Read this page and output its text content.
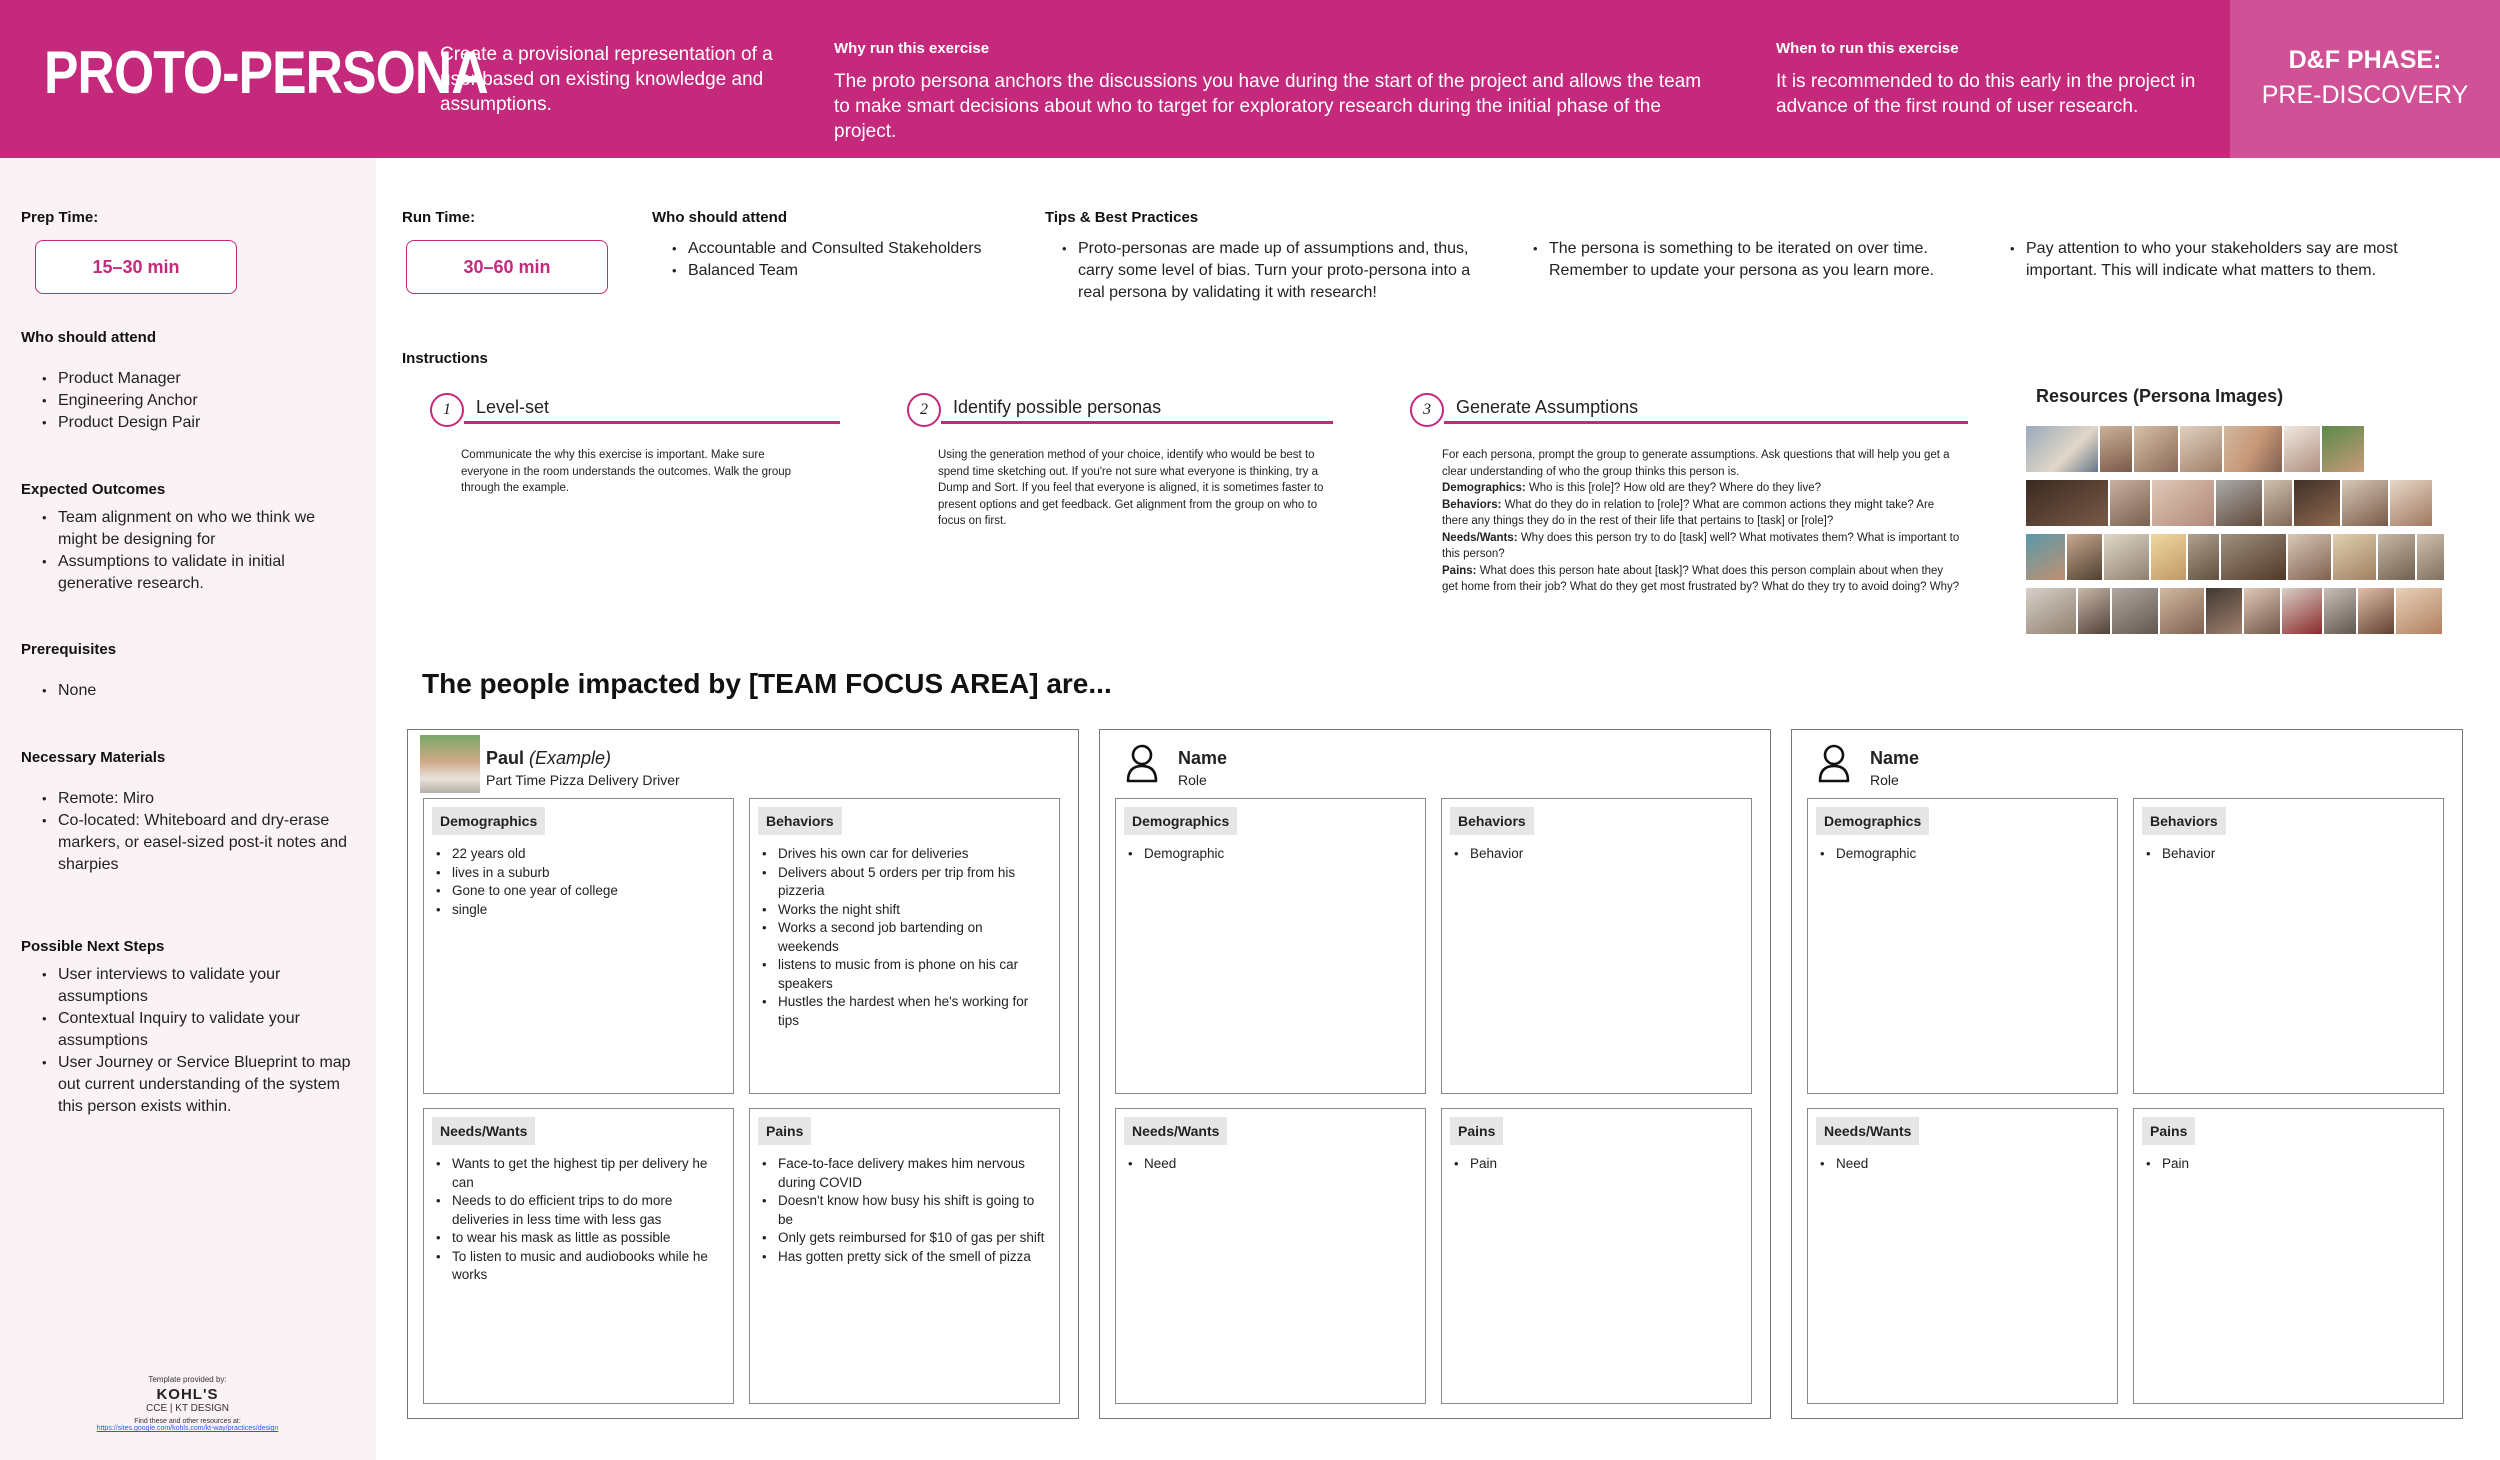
PROTO-PERSONA
Create a provisional representation of a user based on existing knowledge and assumptions.
Why run this exercise
The proto persona anchors the discussions you have during the start of the project and allows the team to make smart decisions about who to target for exploratory research during the initial phase of the project.
When to run this exercise
It is recommended to do this early in the project in advance of the first round of user research.
D&F PHASE:
PRE-DISCOVERY
Prep Time:
15–30 min
Who should attend
• Product Manager
• Engineering Anchor
• Product Design Pair
Expected Outcomes
• Team alignment on who we think we might be designing for
• Assumptions to validate in initial generative research.
Prerequisites
• None
Necessary Materials
• Remote: Miro
• Co-located: Whiteboard and dry-erase markers, or easel-sized post-it notes and sharpies
Possible Next Steps
• User interviews to validate your assumptions
• Contextual Inquiry to validate your assumptions
• User Journey or Service Blueprint to map out current understanding of the system this person exists within.
Template provided by:
KOHL'S
CCE | KT DESIGN
Find these and other resources at:
https://sites.google.com/kohls.com/kt-way/practices/design
Run Time:
30–60 min
Who should attend
• Accountable and Consulted Stakeholders
• Balanced Team
Tips & Best Practices
• Proto-personas are made up of assumptions and, thus, carry some level of bias. Turn your proto-persona into a real persona by validating it with research!
• The persona is something to be iterated on over time. Remember to update your persona as you learn more.
• Pay attention to who your stakeholders say are most important. This will indicate what matters to them.
Instructions
1	Level-set
Communicate the why this exercise is important. Make sure everyone in the room understands the outcomes. Walk the group through the example.
2	Identify possible personas
Using the generation method of your choice, identify who would be best to spend time sketching out. If you're not sure what everyone is thinking, try a Dump and Sort. If you feel that everyone is aligned, it is sometimes faster to present options and get feedback. Get alignment from the group on who to focus on first.
3	Generate Assumptions
For each persona, prompt the group to generate assumptions. Ask questions that will help you get a clear understanding of who the group thinks this person is.
Demographics: Who is this [role]? How old are they? Where do they live?
Behaviors: What do they do in relation to [role]? What are common actions they might take? Are there any things they do in the rest of their life that pertains to [task] or [role]?
Needs/Wants: Why does this person try to do [task] well? What motivates them? What is important to this person?
Pains: What does this person hate about [task]? What does this person complain about when they get home from their job? What do they get most frustrated by? What do they try to avoid doing? Why?
Resources (Persona Images)
The people impacted by [TEAM FOCUS AREA] are...
Paul (Example)
Part Time Pizza Delivery Driver
Demographics
• 22 years old
• lives in a suburb
• Gone to one year of college
• single
Behaviors
• Drives his own car for deliveries
• Delivers about 5 orders per trip from his pizzeria
• Works the night shift
• Works a second job bartending on weekends
• listens to music from is phone on his car speakers
• Hustles the hardest when he's working for tips
Needs/Wants
• Wants to get the highest tip per delivery he can
• Needs to do efficient trips to do more deliveries in less time with less gas
• to wear his mask as little as possible
• To listen to music and audiobooks while he works
Pains
• Face-to-face delivery makes him nervous during COVID
• Doesn't know how busy his shift is going to be
• Only gets reimbursed for $10 of gas per shift
• Has gotten pretty sick of the smell of pizza
Name
Role
Demographics
• Demographic
Behaviors
• Behavior
Needs/Wants
• Need
Pains
• Pain
Name
Role
Demographics
• Demographic
Behaviors
• Behavior
Needs/Wants
• Need
Pains
• Pain
